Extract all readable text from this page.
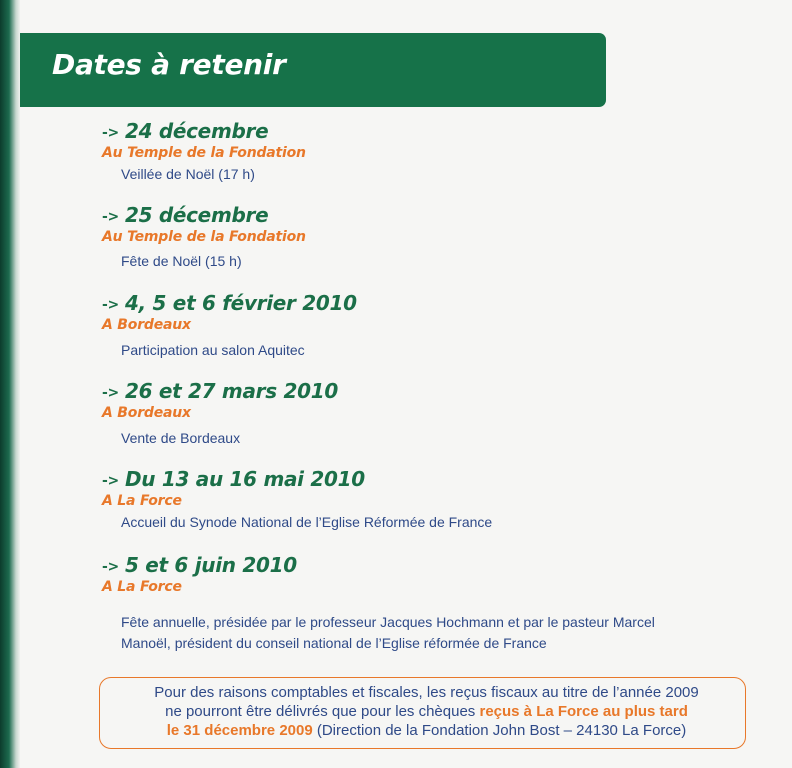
Dates à retenir
-> 24 décembre
Au Temple de la Fondation
Veillée de Noël (17 h)
-> 25 décembre
Au Temple de la Fondation
Fête de Noël (15 h)
-> 4, 5 et 6 février 2010
A Bordeaux
Participation au salon Aquitec
-> 26 et 27 mars 2010
A Bordeaux
Vente de Bordeaux
-> Du 13 au 16 mai 2010
A La Force
Accueil du Synode National de l’Eglise Réformée de France
-> 5 et 6 juin 2010
A La Force
Fête annuelle, présidée par le professeur Jacques Hochmann et par le pasteur Marcel
Manoël, président du conseil national de l’Eglise réformée de France
Pour des raisons comptables et fiscales, les reçus fiscaux au titre de l’année 2009
ne pourront être délivrés que pour les chèques reçus à La Force au plus tard
le 31 décembre 2009 (Direction de la Fondation John Bost – 24130 La Force)
